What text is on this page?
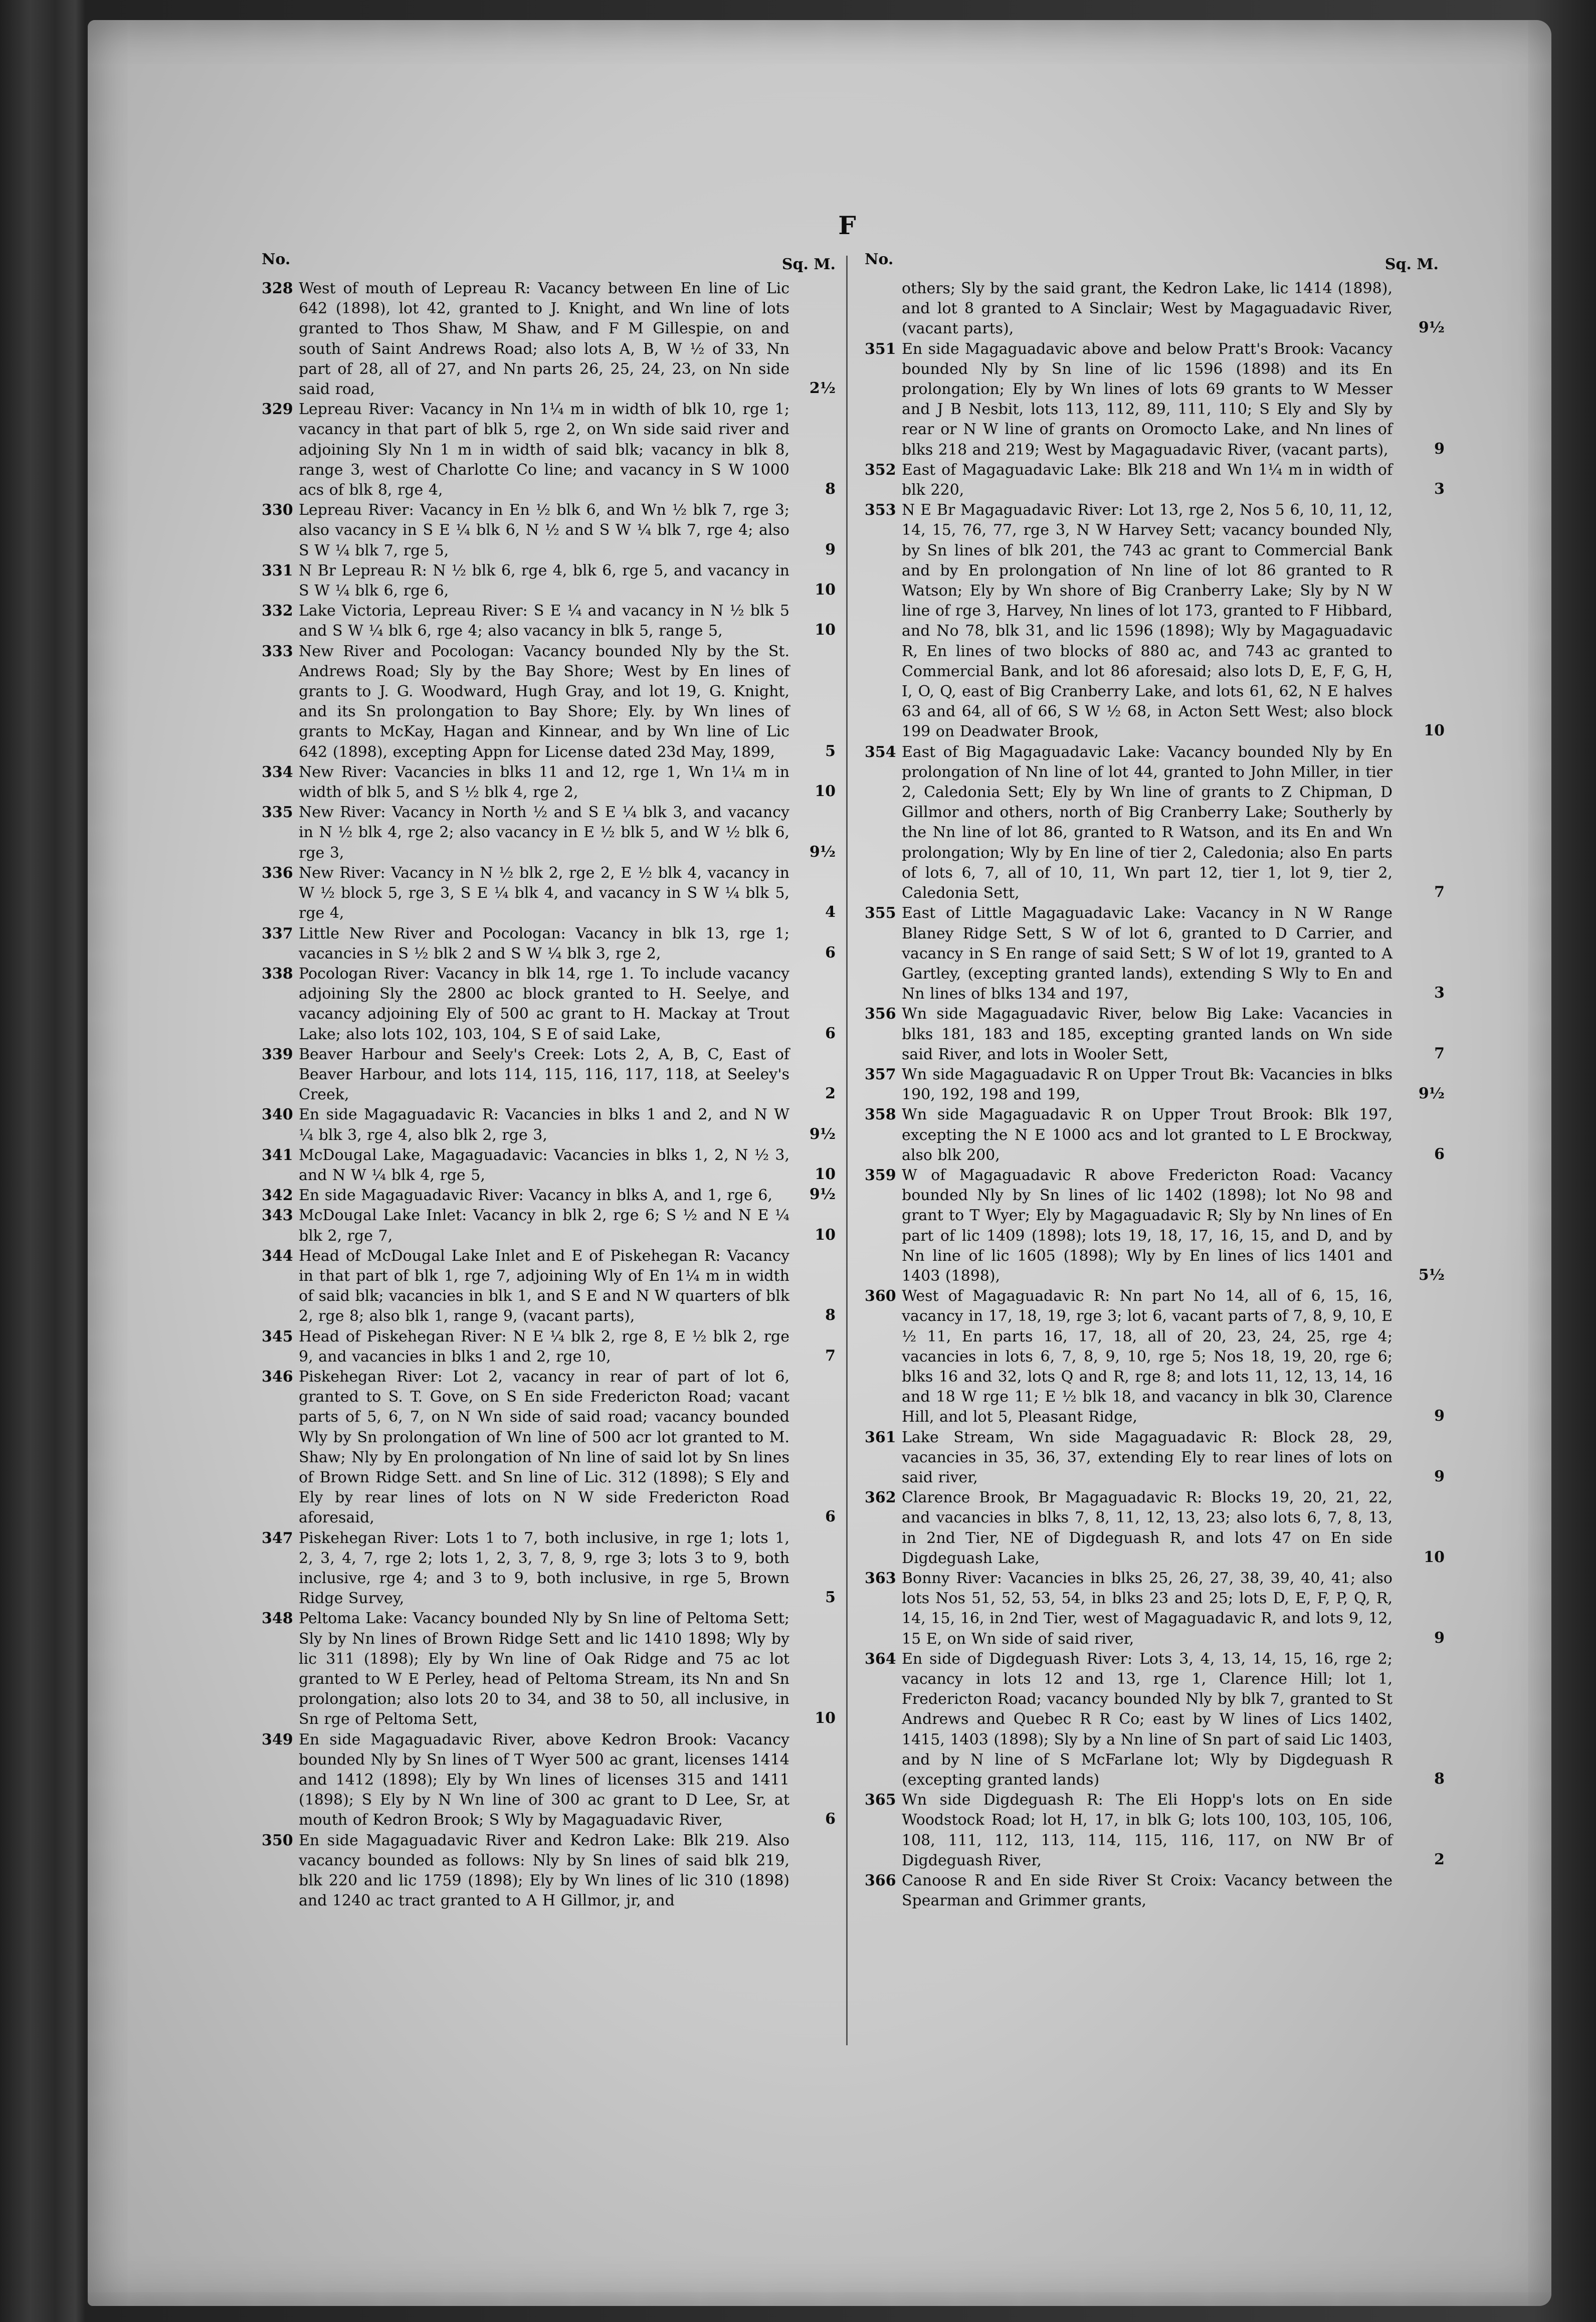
F
No.	Sq. M.
328 West of mouth of Lepreau R: Vacancy between En line of Lic 642 (1898), lot 42, granted to J. Knight, and Wn line of lots granted to Thos Shaw, M Shaw, and F M Gillespie, on and south of Saint Andrews Road; also lots A, B, W ½ of 33, Nn part of 28, all of 27, and Nn parts 26, 25, 24, 23, on Nn side said road,	2½
329 Lepreau River: Vacancy in Nn 1¼ m in width of blk 10, rge 1; vacancy in that part of blk 5, rge 2, on Wn side said river and adjoining Sly Nn 1 m in width of said blk; vacancy in blk 8, range 3, west of Charlotte Co line; and vacancy in S W 1000 acs of blk 8, rge 4,	8
330 Lepreau River: Vacancy in En ½ blk 6, and Wn ½ blk 7, rge 3; also vacancy in S E ¼ blk 6, N ½ and S W ¼ blk 7, rge 4; also S W ¼ blk 7, rge 5,	9
331 N Br Lepreau R: N ½ blk 6, rge 4, blk 6, rge 5, and vacancy in S W ¼ blk 6, rge 6,	10
332 Lake Victoria, Lepreau River: S E ¼ and vacancy in N ½ blk 5 and S W ¼ blk 6, rge 4; also vacancy in blk 5, range 5,	10
333 New River and Pocologan: Vacancy bounded Nly by the St. Andrews Road; Sly by the Bay Shore; West by En lines of grants to J. G. Woodward, Hugh Gray, and lot 19, G. Knight, and its Sn prolongation to Bay Shore; Ely. by Wn lines of grants to McKay, Hagan and Kinnear, and by Wn line of Lic 642 (1898), excepting Appn for License dated 23d May, 1899,	5
334 New River: Vacancies in blks 11 and 12, rge 1, Wn 1¼ m in width of blk 5, and S ½ blk 4, rge 2,	10
335 New River: Vacancy in North ½ and S E ¼ blk 3, and vacancy in N ½ blk 4, rge 2; also vacancy in E ½ blk 5, and W ½ blk 6, rge 3,	9½
336 New River: Vacancy in N ½ blk 2, rge 2, E ½ blk 4, vacancy in W ½ block 5, rge 3, S E ¼ blk 4, and vacancy in S W ¼ blk 5, rge 4,	4
337 Little New River and Pocologan: Vacancy in blk 13, rge 1; vacancies in S ½ blk 2 and S W ¼ blk 3, rge 2,	6
338 Pocologan River: Vacancy in blk 14, rge 1. To include vacancy adjoining Sly the 2800 ac block granted to H. Seelye, and vacancy adjoining Ely of 500 ac grant to H. Mackay at Trout Lake; also lots 102, 103, 104, S E of said Lake,	6
339 Beaver Harbour and Seely's Creek: Lots 2, A, B, C, East of Beaver Harbour, and lots 114, 115, 116, 117, 118, at Seeley's Creek,	2
340 En side Magaguadavic R: Vacancies in blks 1 and 2, and N W ¼ blk 3, rge 4, also blk 2, rge 3,	9½
341 McDougal Lake, Magaguadavic: Vacancies in blks 1, 2, N ½ 3, and N W ¼ blk 4, rge 5,	10
342 En side Magaguadavic River: Vacancy in blks A, and 1, rge 6,	9½
343 McDougal Lake Inlet: Vacancy in blk 2, rge 6; S ½ and N E ¼ blk 2, rge 7,	10
344 Head of McDougal Lake Inlet and E of Piskehegan R: Vacancy in that part of blk 1, rge 7, adjoining Wly of En 1¼ m in width of said blk; vacancies in blk 1, and S E and N W quarters of blk 2, rge 8; also blk 1, range 9, (vacant parts),	8
345 Head of Piskehegan River: N E ¼ blk 2, rge 8, E ½ blk 2, rge 9, and vacancies in blks 1 and 2, rge 10,	7
346 Piskehegan River: Lot 2, vacancy in rear of part of lot 6, granted to S. T. Gove, on S En side Fredericton Road; vacant parts of 5, 6, 7, on N Wn side of said road; vacancy bounded Wly by Sn prolongation of Wn line of 500 acr lot granted to M. Shaw; Nly by En prolongation of Nn line of said lot by Sn lines of Brown Ridge Sett. and Sn line of Lic. 312 (1898); S Ely and Ely by rear lines of lots on N W side Fredericton Road aforesaid,	6
347 Piskehegan River: Lots 1 to 7, both inclusive, in rge 1; lots 1, 2, 3, 4, 7, rge 2; lots 1, 2, 3, 7, 8, 9, rge 3; lots 3 to 9, both inclusive, rge 4; and 3 to 9, both inclusive, in rge 5, Brown Ridge Survey,	5
348 Peltoma Lake: Vacancy bounded Nly by Sn line of Peltoma Sett; Sly by Nn lines of Brown Ridge Sett and lic 1410 1898; Wly by lic 311 (1898); Ely by Wn line of Oak Ridge and 75 ac lot granted to W E Perley, head of Peltoma Stream, its Nn and Sn prolongation; also lots 20 to 34, and 38 to 50, all inclusive, in Sn rge of Peltoma Sett,	10
349 En side Magaguadavic River, above Kedron Brook: Vacancy bounded Nly by Sn lines of T Wyer 500 ac grant, licenses 1414 and 1412 (1898); Ely by Wn lines of licenses 315 and 1411 (1898); S Ely by N Wn line of 300 ac grant to D Lee, Sr, at mouth of Kedron Brook; S Wly by Magaguadavic River,	6
350 En side Magaguadavic River and Kedron Lake: Blk 219. Also vacancy bounded as follows: Nly by Sn lines of said blk 219, blk 220 and lic 1759 (1898); Ely by Wn lines of lic 310 (1898) and 1240 ac tract granted to A H Gillmor, jr, and
No.	Sq. M.
others; Sly by the said grant, the Kedron Lake, lic 1414 (1898), and lot 8 granted to A Sinclair; West by Magaguadavic River, (vacant parts),	9½
351 En side Magaguadavic above and below Pratt's Brook: Vacancy bounded Nly by Sn line of lic 1596 (1898) and its En prolongation; Ely by Wn lines of lots 69 grants to W Messer and J B Nesbit, lots 113, 112, 89, 111, 110; S Ely and Sly by rear or N W line of grants on Oromocto Lake, and Nn lines of blks 218 and 219; West by Magaguadavic River, (vacant parts),	9
352 East of Magaguadavic Lake: Blk 218 and Wn 1¼ m in width of blk 220,	3
353 N E Br Magaguadavic River: Lot 13, rge 2, Nos 5 6, 10, 11, 12, 14, 15, 76, 77, rge 3, N W Harvey Sett; vacancy bounded Nly, by Sn lines of blk 201, the 743 ac grant to Commercial Bank and by En prolongation of Nn line of lot 86 granted to R Watson; Ely by Wn shore of Big Cranberry Lake; Sly by N W line of rge 3, Harvey, Nn lines of lot 173, granted to F Hibbard, and No 78, blk 31, and lic 1596 (1898); Wly by Magaguadavic R, En lines of two blocks of 880 ac, and 743 ac granted to Commercial Bank, and lot 86 aforesaid; also lots D, E, F, G, H, I, O, Q, east of Big Cranberry Lake, and lots 61, 62, N E halves 63 and 64, all of 66, S W ½ 68, in Acton Sett West; also block 199 on Deadwater Brook,	10
354 East of Big Magaguadavic Lake: Vacancy bounded Nly by En prolongation of Nn line of lot 44, granted to John Miller, in tier 2, Caledonia Sett; Ely by Wn line of grants to Z Chipman, D Gillmor and others, north of Big Cranberry Lake; Southerly by the Nn line of lot 86, granted to R Watson, and its En and Wn prolongation; Wly by En line of tier 2, Caledonia; also En parts of lots 6, 7, all of 10, 11, Wn part 12, tier 1, lot 9, tier 2, Caledonia Sett,	7
355 East of Little Magaguadavic Lake: Vacancy in N W Range Blaney Ridge Sett, S W of lot 6, granted to D Carrier, and vacancy in S En range of said Sett; S W of lot 19, granted to A Gartley, (excepting granted lands), extending S Wly to En and Nn lines of blks 134 and 197,	3
356 Wn side Magaguadavic River, below Big Lake: Vacancies in blks 181, 183 and 185, excepting granted lands on Wn side said River, and lots in Wooler Sett,	7
357 Wn side Magaguadavic R on Upper Trout Bk: Vacancies in blks 190, 192, 198 and 199,	9½
358 Wn side Magaguadavic R on Upper Trout Brook: Blk 197, excepting the N E 1000 acs and lot granted to L E Brockway, also blk 200,	6
359 W of Magaguadavic R above Fredericton Road: Vacancy bounded Nly by Sn lines of lic 1402 (1898); lot No 98 and grant to T Wyer; Ely by Magaguadavic R; Sly by Nn lines of En part of lic 1409 (1898); lots 19, 18, 17, 16, 15, and D, and by Nn line of lic 1605 (1898); Wly by En lines of lics 1401 and 1403 (1898),	5½
360 West of Magaguadavic R: Nn part No 14, all of 6, 15, 16, vacancy in 17, 18, 19, rge 3; lot 6, vacant parts of 7, 8, 9, 10, E ½ 11, En parts 16, 17, 18, all of 20, 23, 24, 25, rge 4; vacancies in lots 6, 7, 8, 9, 10, rge 5; Nos 18, 19, 20, rge 6; blks 16 and 32, lots Q and R, rge 8; and lots 11, 12, 13, 14, 16 and 18 W rge 11; E ½ blk 18, and vacancy in blk 30, Clarence Hill, and lot 5, Pleasant Ridge,	9
361 Lake Stream, Wn side Magaguadavic R: Block 28, 29, vacancies in 35, 36, 37, extending Ely to rear lines of lots on said river,	9
362 Clarence Brook, Br Magaguadavic R: Blocks 19, 20, 21, 22, and vacancies in blks 7, 8, 11, 12, 13, 23; also lots 6, 7, 8, 13, in 2nd Tier, NE of Digdeguash R, and lots 47 on En side Digdeguash Lake,	10
363 Bonny River: Vacancies in blks 25, 26, 27, 38, 39, 40, 41; also lots Nos 51, 52, 53, 54, in blks 23 and 25; lots D, E, F, P, Q, R, 14, 15, 16, in 2nd Tier, west of Magaguadavic R, and lots 9, 12, 15 E, on Wn side of said river,	9
364 En side of Digdeguash River: Lots 3, 4, 13, 14, 15, 16, rge 2; vacancy in lots 12 and 13, rge 1, Clarence Hill; lot 1, Fredericton Road; vacancy bounded Nly by blk 7, granted to St Andrews and Quebec R R Co; east by W lines of Lics 1402, 1415, 1403 (1898); Sly by a Nn line of Sn part of said Lic 1403, and by N line of S McFarlane lot; Wly by Digdeguash R (excepting granted lands)	8
365 Wn side Digdeguash R: The Eli Hopp's lots on En side Woodstock Road; lot H, 17, in blk G; lots 100, 103, 105, 106, 108, 111, 112, 113, 114, 115, 116, 117, on NW Br of Digdeguash River,	2
366 Canoose R and En side River St Croix: Vacancy between the Spearman and Grimmer grants,
